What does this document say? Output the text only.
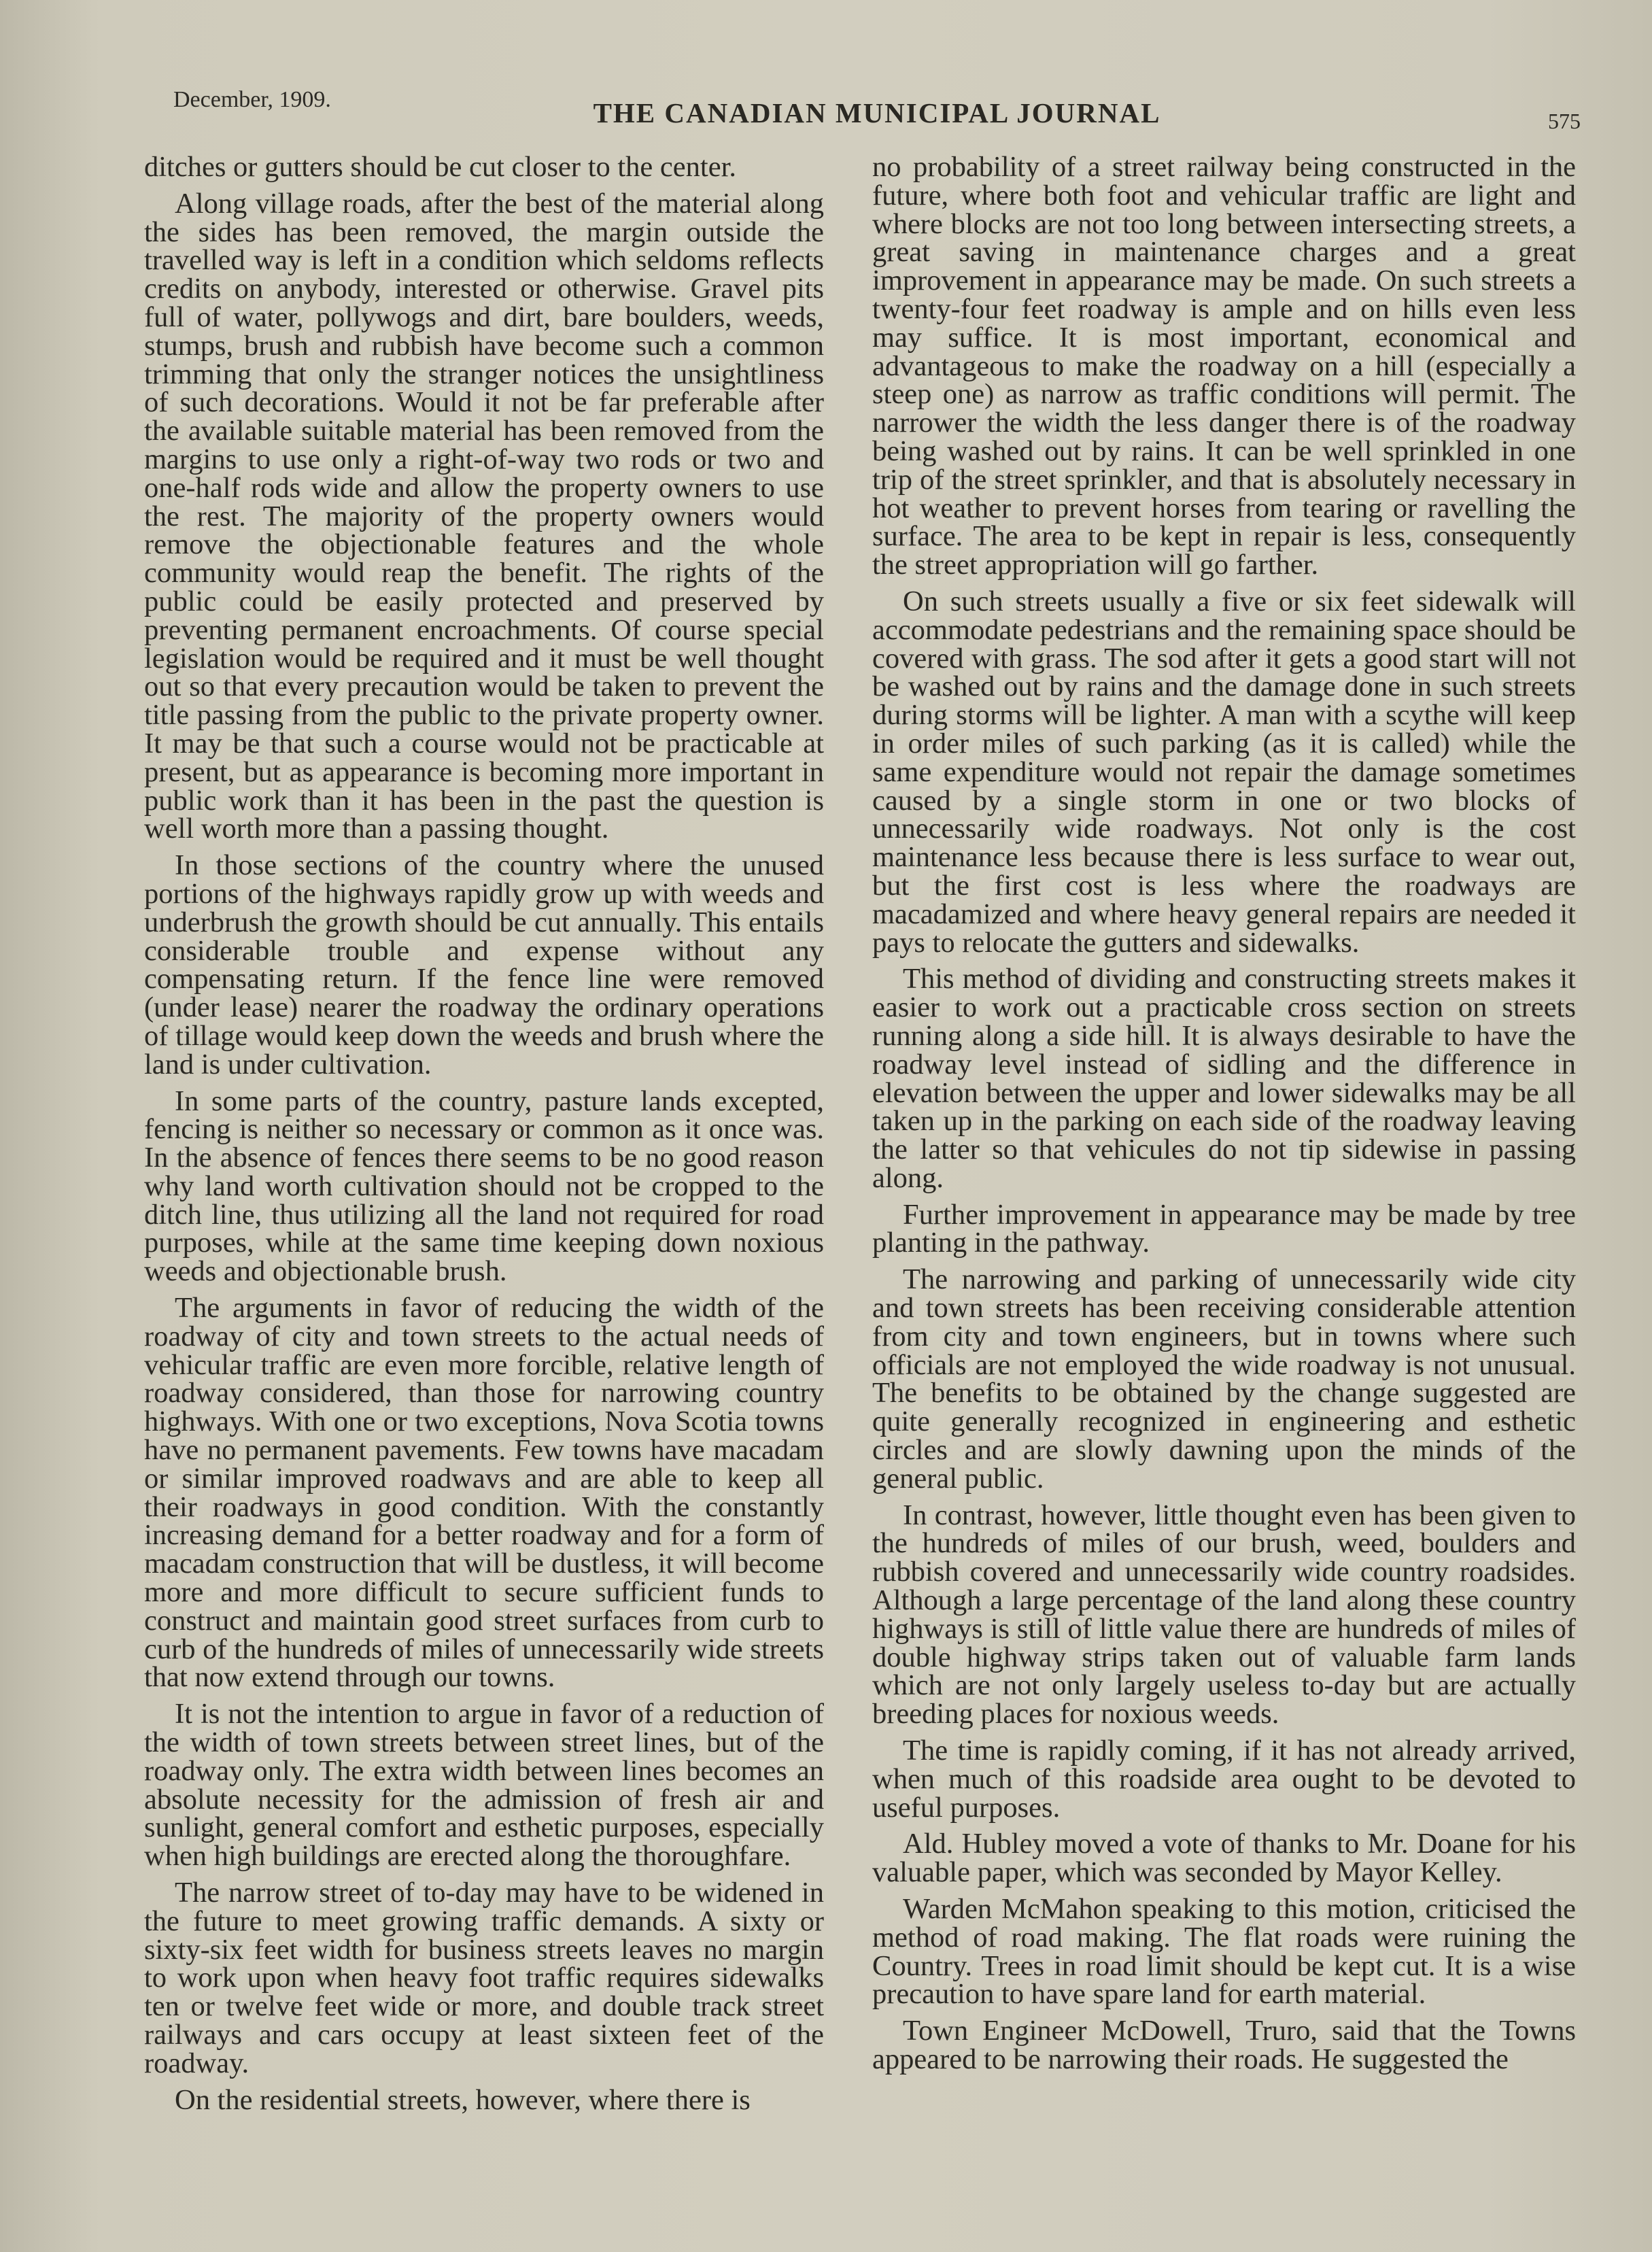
December, 1909.	THE CANADIAN MUNICIPAL JOURNAL	575

ditches or gutters should be cut closer to the center.

Along village roads, after the best of the material along the sides has been removed, the margin outside the travelled way is left in a condition which seldoms reflects credits on anybody, interested or otherwise. Gravel pits full of water, pollywogs and dirt, bare boulders, weeds, stumps, brush and rubbish have become such a common trimming that only the stranger notices the unsightliness of such decorations. Would it not be far preferable after the available suitable material has been removed from the margins to use only a right-of-way two rods or two and one-half rods wide and allow the property owners to use the rest. The majority of the property owners would remove the objectionable features and the whole community would reap the benefit. The rights of the public could be easily protected and preserved by preventing permanent encroachments. Of course special legislation would be required and it must be well thought out so that every precaution would be taken to prevent the title passing from the public to the private property owner. It may be that such a course would not be practicable at present, but as appearance is becoming more important in public work than it has been in the past the question is well worth more than a passing thought.

In those sections of the country where the unused portions of the highways rapidly grow up with weeds and underbrush the growth should be cut annually. This entails considerable trouble and expense without any compensating return. If the fence line were removed (under lease) nearer the roadway the ordinary operations of tillage would keep down the weeds and brush where the land is under cultivation.

In some parts of the country, pasture lands excepted, fencing is neither so necessary or common as it once was. In the absence of fences there seems to be no good reason why land worth cultivation should not be cropped to the ditch line, thus utilizing all the land not required for road purposes, while at the same time keeping down noxious weeds and objectionable brush.

The arguments in favor of reducing the width of the roadway of city and town streets to the actual needs of vehicular traffic are even more forcible, relative length of roadway considered, than those for narrowing country highways. With one or two exceptions, Nova Scotia towns have no permanent pavements. Few towns have macadam or similar improved roadwavs and are able to keep all their roadways in good condition. With the constantly increasing demand for a better roadway and for a form of macadam construction that will be dustless, it will become more and more difficult to secure sufficient funds to construct and maintain good street surfaces from curb to curb of the hundreds of miles of unnecessarily wide streets that now extend through our towns.

It is not the intention to argue in favor of a reduction of the width of town streets between street lines, but of the roadway only. The extra width between lines becomes an absolute necessity for the admission of fresh air and sunlight, general comfort and esthetic purposes, especially when high buildings are erected along the thoroughfare.

The narrow street of to-day may have to be widened in the future to meet growing traffic demands. A sixty or sixty-six feet width for business streets leaves no margin to work upon when heavy foot traffic requires sidewalks ten or twelve feet wide or more, and double track street railways and cars occupy at least sixteen feet of the roadway.

On the residential streets, however, where there is

no probability of a street railway being constructed in the future, where both foot and vehicular traffic are light and where blocks are not too long between intersecting streets, a great saving in maintenance charges and a great improvement in appearance may be made. On such streets a twenty-four feet roadway is ample and on hills even less may suffice. It is most important, economical and advantageous to make the roadway on a hill (especially a steep one) as narrow as traffic conditions will permit. The narrower the width the less danger there is of the roadway being washed out by rains. It can be well sprinkled in one trip of the street sprinkler, and that is absolutely necessary in hot weather to prevent horses from tearing or ravelling the surface. The area to be kept in repair is less, consequently the street appropriation will go farther.

On such streets usually a five or six feet sidewalk will accommodate pedestrians and the remaining space should be covered with grass. The sod after it gets a good start will not be washed out by rains and the damage done in such streets during storms will be lighter. A man with a scythe will keep in order miles of such parking (as it is called) while the same expenditure would not repair the damage sometimes caused by a single storm in one or two blocks of unnecessarily wide roadways. Not only is the cost maintenance less because there is less surface to wear out, but the first cost is less where the roadways are macadamized and where heavy general repairs are needed it pays to relocate the gutters and sidewalks.

This method of dividing and constructing streets makes it easier to work out a practicable cross section on streets running along a side hill. It is always desirable to have the roadway level instead of sidling and the difference in elevation between the upper and lower sidewalks may be all taken up in the parking on each side of the roadway leaving the latter so that vehicules do not tip sidewise in passing along.

Further improvement in appearance may be made by tree planting in the pathway.

The narrowing and parking of unnecessarily wide city and town streets has been receiving considerable attention from city and town engineers, but in towns where such officials are not employed the wide roadway is not unusual. The benefits to be obtained by the change suggested are quite generally recognized in engineering and esthetic circles and are slowly dawning upon the minds of the general public.

In contrast, however, little thought even has been given to the hundreds of miles of our brush, weed, boulders and rubbish covered and unnecessarily wide country roadsides. Although a large percentage of the land along these country highways is still of little value there are hundreds of miles of double highway strips taken out of valuable farm lands which are not only largely useless to-day but are actually breeding places for noxious weeds.

The time is rapidly coming, if it has not already arrived, when much of this roadside area ought to be devoted to useful purposes.

Ald. Hubley moved a vote of thanks to Mr. Doane for his valuable paper, which was seconded by Mayor Kelley.

Warden McMahon speaking to this motion, criticised the method of road making. The flat roads were ruining the Country. Trees in road limit should be kept cut. It is a wise precaution to have spare land for earth material.

Town Engineer McDowell, Truro, said that the Towns appeared to be narrowing their roads. He suggested the
